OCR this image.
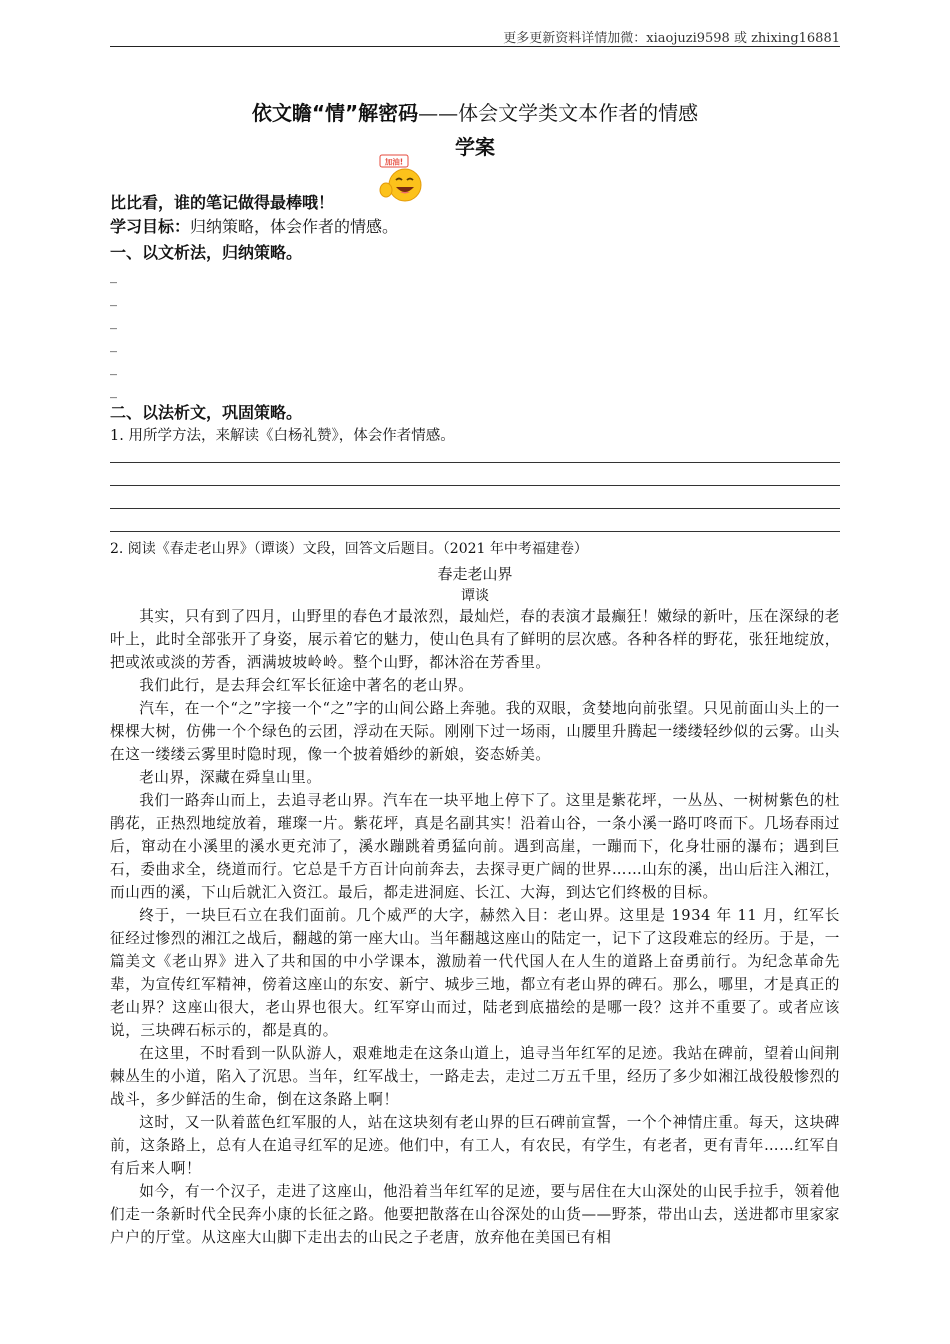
更多更新资料详情加微：xiaojuzi9598 或 zhixing16881
依文瞻“情”解密码——体会文学类文本作者的情感
学案
加油!
比比看，谁的笔记做得最棒哦！
学习目标：归纳策略，体会作者的情感。
一、以文析法，归纳策略。
_
_
_
_
_
_
二、以法析文，巩固策略。
1. 用所学方法，来解读《白杨礼赞》，体会作者情感。
2. 阅读《春走老山界》（谭谈）文段，回答文后题目。（2021 年中考福建卷）
春走老山界
谭谈

其实，只有到了四月，山野里的春色才最浓烈，最灿烂，春的表演才最癫狂！嫩绿的新叶，压在深绿的老叶上，此时全部张开了身姿，展示着它的魅力，使山色具有了鲜明的层次感。各种各样的野花，张狂地绽放，把或浓或淡的芳香，洒满坡坡岭岭。整个山野，都沐浴在芳香里。

我们此行，是去拜会红军长征途中著名的老山界。

汽车，在一个“之”字接一个“之”字的山间公路上奔驰。我的双眼，贪婪地向前张望。只见前面山头上的一棵棵大树，仿佛一个个绿色的云团，浮动在天际。刚刚下过一场雨，山腰里升腾起一缕缕轻纱似的云雾。山头在这一缕缕云雾里时隐时现，像一个披着婚纱的新娘，姿态娇美。

老山界，深藏在舜皇山里。

我们一路奔山而上，去追寻老山界。汽车在一块平地上停下了。这里是紫花坪，一丛丛、一树树紫色的杜鹃花，正热烈地绽放着，璀璨一片。紫花坪，真是名副其实！沿着山谷，一条小溪一路叮咚而下。几场春雨过后，窜动在小溪里的溪水更充沛了，溪水蹦跳着勇猛向前。遇到高崖，一蹦而下，化身壮丽的瀑布；遇到巨石，委曲求全，绕道而行。它总是千方百计向前奔去，去探寻更广阔的世界……山东的溪，出山后注入湘江，而山西的溪，下山后就汇入资江。最后，都走进洞庭、长江、大海，到达它们终极的目标。

终于，一块巨石立在我们面前。几个威严的大字，赫然入目：老山界。这里是 1934 年 11 月，红军长征经过惨烈的湘江之战后，翻越的第一座大山。当年翻越这座山的陆定一，记下了这段难忘的经历。于是，一篇美文《老山界》进入了共和国的中小学课本，激励着一代代国人在人生的道路上奋勇前行。为纪念革命先辈，为宣传红军精神，傍着这座山的东安、新宁、城步三地，都立有老山界的碑石。那么，哪里，才是真正的老山界？这座山很大，老山界也很大。红军穿山而过，陆老到底描绘的是哪一段？这并不重要了。或者应该说，三块碑石标示的，都是真的。

在这里，不时看到一队队游人，艰难地走在这条山道上，追寻当年红军的足迹。我站在碑前，望着山间荆棘丛生的小道，陷入了沉思。当年，红军战士，一路走去，走过二万五千里，经历了多少如湘江战役般惨烈的战斗，多少鲜活的生命，倒在这条路上啊！

这时，又一队着蓝色红军服的人，站在这块刻有老山界的巨石碑前宣誓，一个个神情庄重。每天，这块碑前，这条路上，总有人在追寻红军的足迹。他们中，有工人，有农民，有学生，有老者，更有青年……红军自有后来人啊！

如今，有一个汉子，走进了这座山，他沿着当年红军的足迹，要与居住在大山深处的山民手拉手，领着他们走一条新时代全民奔小康的长征之路。他要把散落在山谷深处的山货——野茶，带出山去，送进都市里家家户户的厅堂。从这座大山脚下走出去的山民之子老唐，放弃他在美国已有相
